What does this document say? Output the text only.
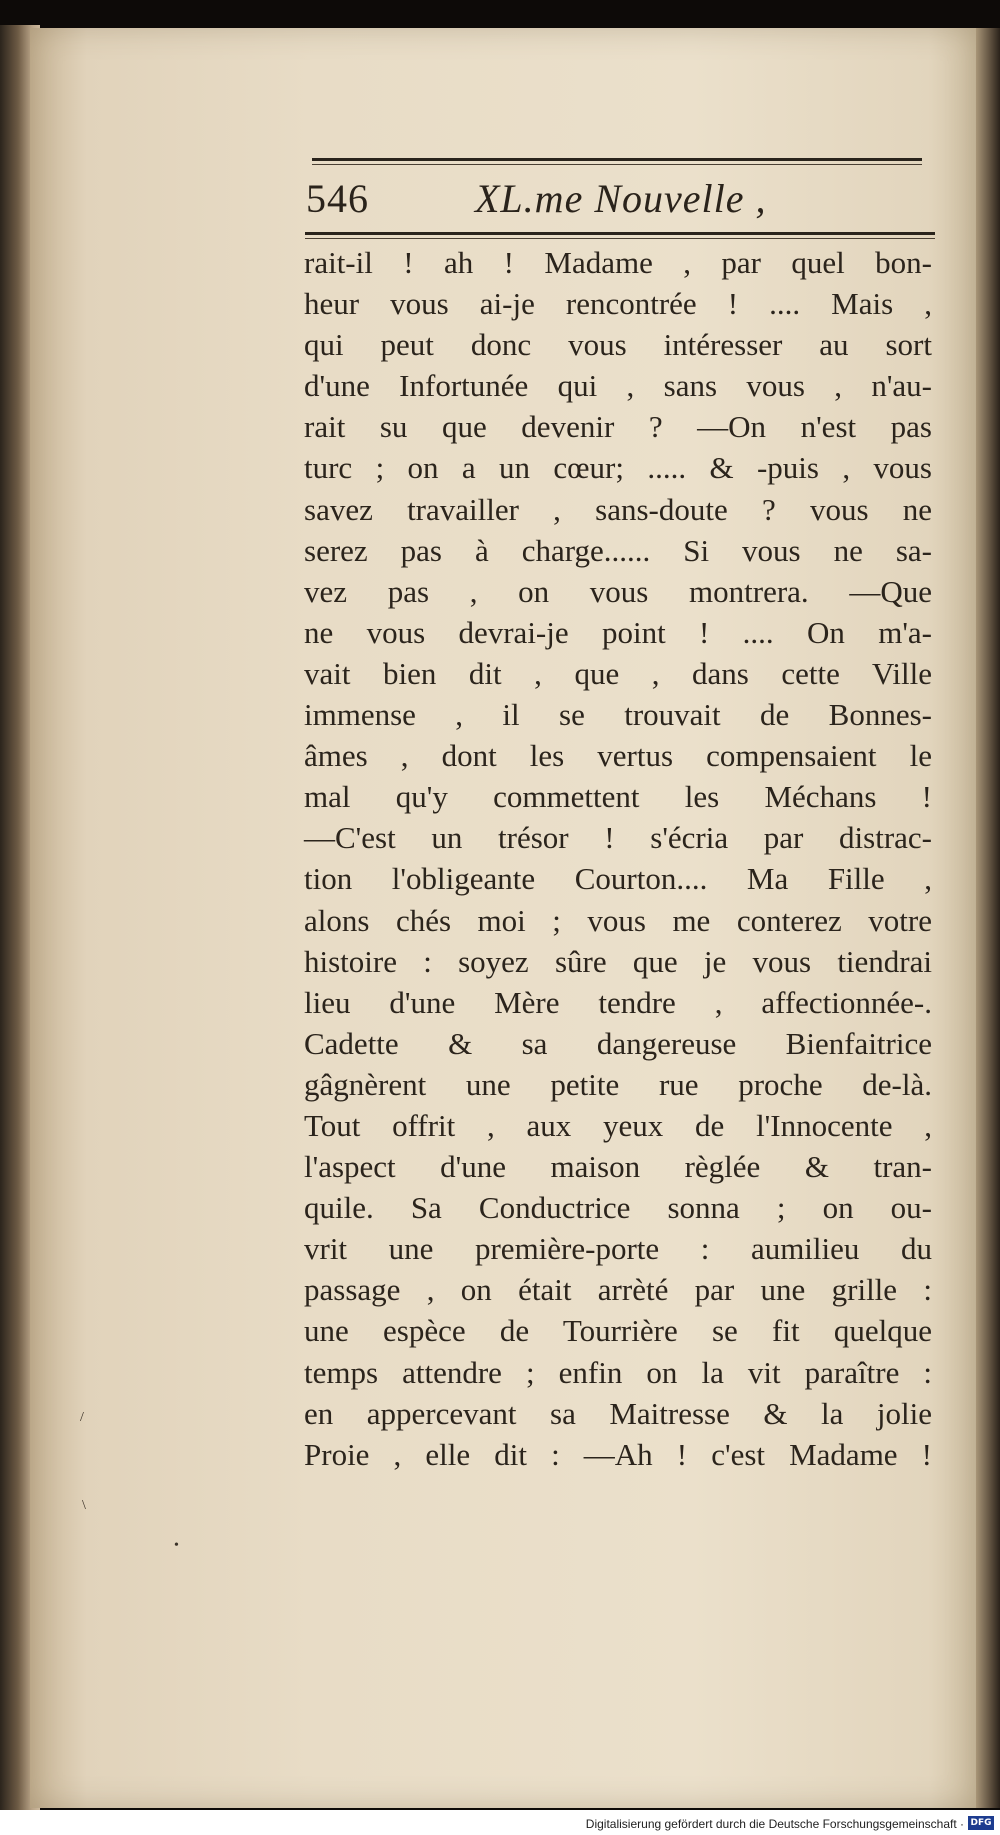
546	XL.me Nouvelle ,
rait-il ! ah ! Madame , par quel bon-
heur vous ai-je rencontrée ! .... Mais ,
qui peut donc vous intéresser au sort
d'une Infortunée qui , sans vous , n'au-
rait su que devenir ? —On n'est pas
turc ; on a un cœur; ..... & -puis , vous
savez travailler , sans-doute ? vous ne
serez pas à charge...... Si vous ne sa-
vez pas , on vous montrera. —Que
ne vous devrai-je point ! .... On m'a-
vait bien dit , que , dans cette Ville
immense , il se trouvait de Bonnes-
âmes , dont les vertus compensaient le
mal qu'y commettent les Méchans !
—C'est un trésor ! s'écria par distrac-
tion l'obligeante Courton.... Ma Fille ,
alons chés moi ; vous me conterez votre
histoire : soyez sûre que je vous tiendrai
lieu d'une Mère tendre , affectionnée-.
Cadette & sa dangereuse Bienfaitrice
gâgnèrent une petite rue proche de-là.
Tout offrit , aux yeux de l'Innocente ,
l'aspect d'une maison règlée & tran-
quile. Sa Conductrice sonna ; on ou-
vrit une première-porte : aumilieu du
passage , on était arrèté par une grille :
une espèce de Tourrière se fit quelque
temps attendre ; enfin on la vit paraître :
en appercevant sa Maitresse & la jolie
Proie , elle dit : —Ah ! c'est Madame !
/
\
•
Digitalisierung gefördert durch die Deutsche Forschungsgemeinschaft · DFG
